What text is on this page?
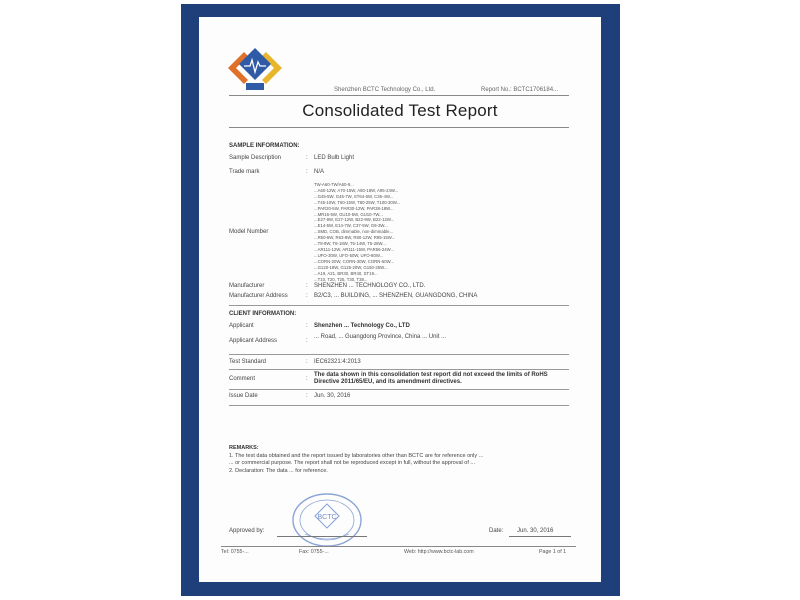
Shenzhen BCTC Technology Co., Ltd.	Report No.: BCTC1706184...
Consolidated Test Report
SAMPLE INFORMATION:
Sample Description	: LED Bulb Light
Trade mark	: N/A
Model Number
TW-A60-7W/A60-9...
...A60-12W, A70-15W, A80-18W, A95-24W...
...G45-5W, G45-7W, ST64-6W, C35-4W...
...T45-10W, T60-15W, T80-25W, T100-30W...
...PAR20-5W, PAR30-12W, PAR38-18W...
...MR16-5W, GU10-5W, GU10-7W...
...E27-9W, E27-12W, B22-9W, B22-12W...
...E14-5W, E14-7W, C37-5W, G9-3W...
...SMD, COB, dimmable, non-dimmable...
...R50-6W, R63-8W, R80-12W, R95-15W...
...T8-9W, T8-18W, T5-14W, T5-28W...
...AR111-12W, AR111-15W, PAR56-24W...
...UFO-30W, UFO-50W, UFO-80W...
...CORN-20W, CORN-30W, CORN-60W...
...G120-18W, G125-20W, G150-25W...
...A19, A21, BR30, BR40, ST19...
...T10, T20, T25, T30, T38...
Manufacturer	: SHENZHEN ... TECHNOLOGY CO., LTD.
Manufacturer Address	: B2/C3, ... BUILDING, ... SHENZHEN, GUANGDONG, CHINA
CLIENT INFORMATION:
Applicant	: Shenzhen ... Technology Co., LTD
Applicant Address	:
... Road, ... Guangdong Province, China ... Unit ...
Test Standard	: IEC62321:4:2013
Comment	:
The data shown in this consolidation test report did not exceed the limits of RoHS Directive 2011/65/EU, and its amendment directives.
Issue Date	: Jun. 30, 2016
REMARKS:
1. The test data obtained and the report issued by laboratories other than BCTC are for reference only ...
... or commercial purpose. The report shall not be reproduced except in full, without the approval of ...
2. Declaration: The data ... for reference.
BCTC
Approved by:	Date: Jun. 30, 2016
Tel: 0755-...	Fax: 0755-...	Web: http://www.bctc-lab.com	Page 1 of 1
